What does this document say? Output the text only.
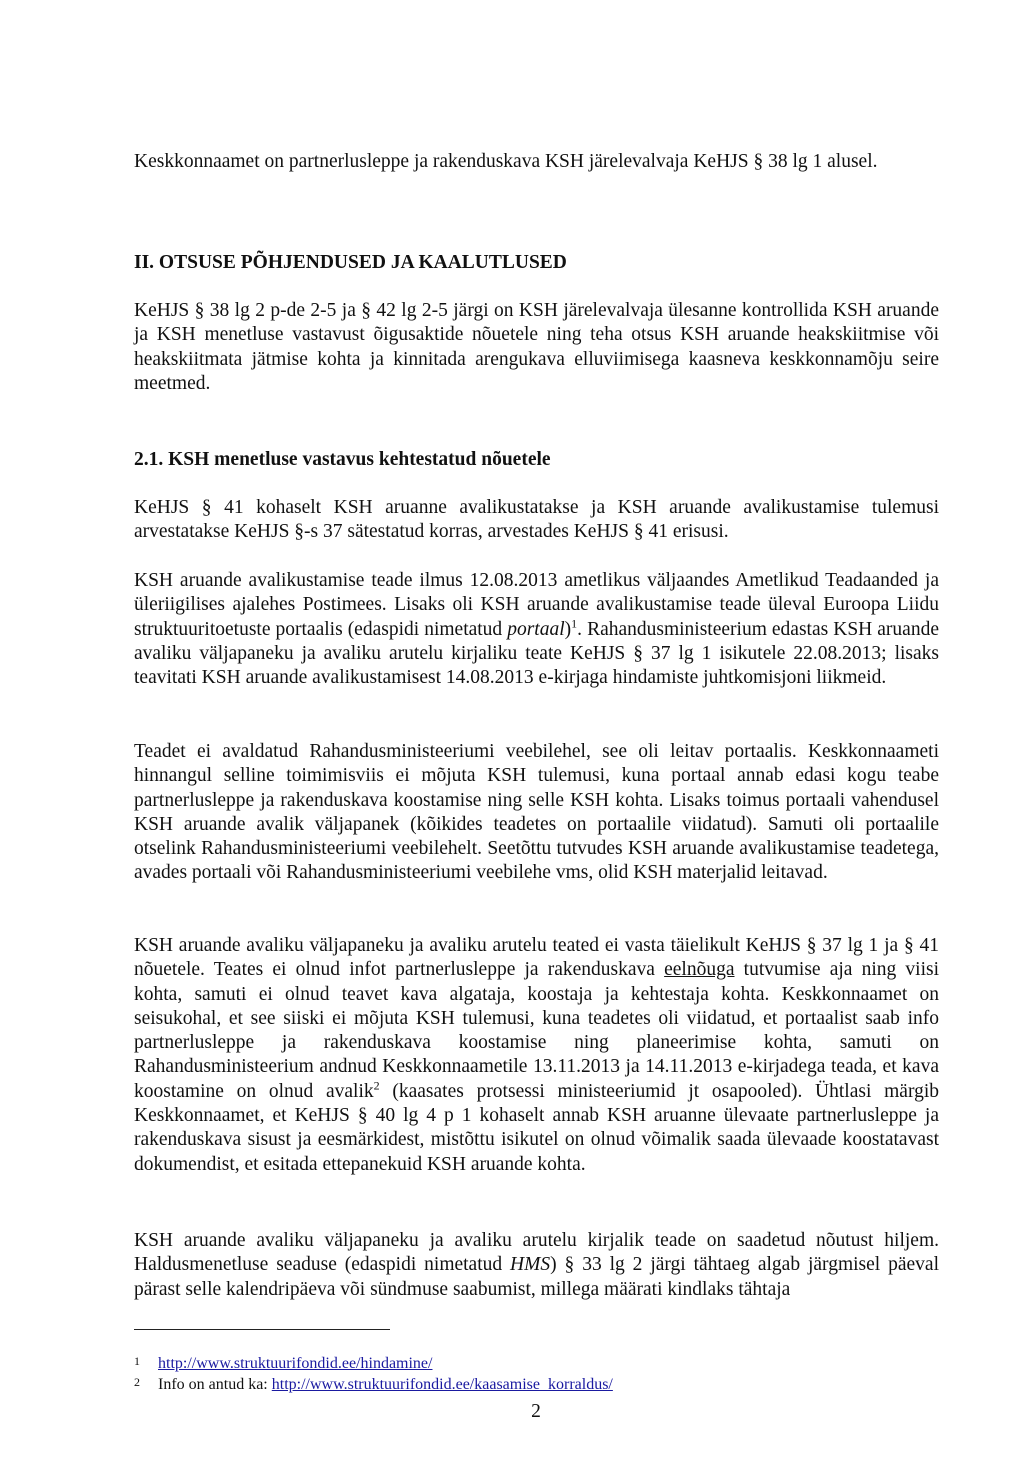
Keskkonnaamet on partnerlusleppe ja rakenduskava KSH järelevalvaja KeHJS § 38 lg 1 alusel.

II. OTSUSE PÕHJENDUSED JA KAALUTLUSED

KeHJS § 38 lg 2 p-de 2-5 ja § 42 lg 2-5 järgi on KSH järelevalvaja ülesanne kontrollida KSH aruande ja KSH menetluse vastavust õigusaktide nõuetele ning teha otsus KSH aruande heakskiitmise või heakskiitmata jätmise kohta ja kinnitada arengukava elluviimisega kaasneva keskkonnamõju seire meetmed.

2.1. KSH menetluse vastavus kehtestatud nõuetele

KeHJS § 41 kohaselt KSH aruanne avalikustatakse ja KSH aruande avalikustamise tulemusi arvestatakse KeHJS §-s 37 sätestatud korras, arvestades KeHJS § 41 erisusi.

KSH aruande avalikustamise teade ilmus 12.08.2013 ametlikus väljaandes Ametlikud Teadaanded ja üleriigilises ajalehes Postimees. Lisaks oli KSH aruande avalikustamise teade üleval Euroopa Liidu struktuuritoetuste portaalis (edaspidi nimetatud portaal)$^1$. Rahandusministeerium edastas KSH aruande avaliku väljapaneku ja avaliku arutelu kirjaliku teate KeHJS § 37 lg 1 isikutele 22.08.2013; lisaks teavitati KSH aruande avalikustamisest 14.08.2013 e-kirjaga hindamiste juhtkomisjoni liikmeid.

Teadet ei avaldatud Rahandusministeeriumi veebilehel, see oli leitav portaalis. Keskkonnaameti hinnangul selline toimimisviis ei mõjuta KSH tulemusi, kuna portaal annab edasi kogu teabe partnerlusleppe ja rakenduskava koostamise ning selle KSH kohta. Lisaks toimus portaali vahendusel KSH aruande avalik väljapanek (kõikides teadetes on portaalile viidatud). Samuti oli portaalile otselink Rahandusministeeriumi veebilehelt. Seetõttu tutvudes KSH aruande avalikustamise teadetega, avades portaali või Rahandusministeeriumi veebilehe vms, olid KSH materjalid leitavad.

KSH aruande avaliku väljapaneku ja avaliku arutelu teated ei vasta täielikult KeHJS § 37 lg 1 ja § 41 nõuetele. Teates ei olnud infot partnerlusleppe ja rakenduskava eelnõuga tutvumise aja ning viisi kohta, samuti ei olnud teavet kava algataja, koostaja ja kehtestaja kohta. Keskkonnaamet on seisukohal, et see siiski ei mõjuta KSH tulemusi, kuna teadetes oli viidatud, et portaalist saab info partnerlusleppe ja rakenduskava koostamise ning planeerimise kohta, samuti on Rahandusministeerium andnud Keskkonnaametile 13.11.2013 ja 14.11.2013 e-kirjadega teada, et kava koostamine on olnud avalik$^2$ (kaasates protsessi ministeeriumid jt osapooled). Ühtlasi märgib Keskkonnaamet, et KeHJS § 40 lg 4 p 1 kohaselt annab KSH aruanne ülevaate partnerlusleppe ja rakenduskava sisust ja eesmärkidest, mistõttu isikutel on olnud võimalik saada ülevaade koostatavast dokumendist, et esitada ettepanekuid KSH aruande kohta.

KSH aruande avaliku väljapaneku ja avaliku arutelu kirjalik teade on saadetud nõutust hiljem. Haldusmenetluse seaduse (edaspidi nimetatud HMS) § 33 lg 2 järgi tähtaeg algab järgmisel päeval pärast selle kalendripäeva või sündmuse saabumist, millega määrati kindlaks tähtaja

1 http://www.struktuurifondid.ee/hindamine/
2 Info on antud ka: http://www.struktuurifondid.ee/kaasamise_korraldus/
2
